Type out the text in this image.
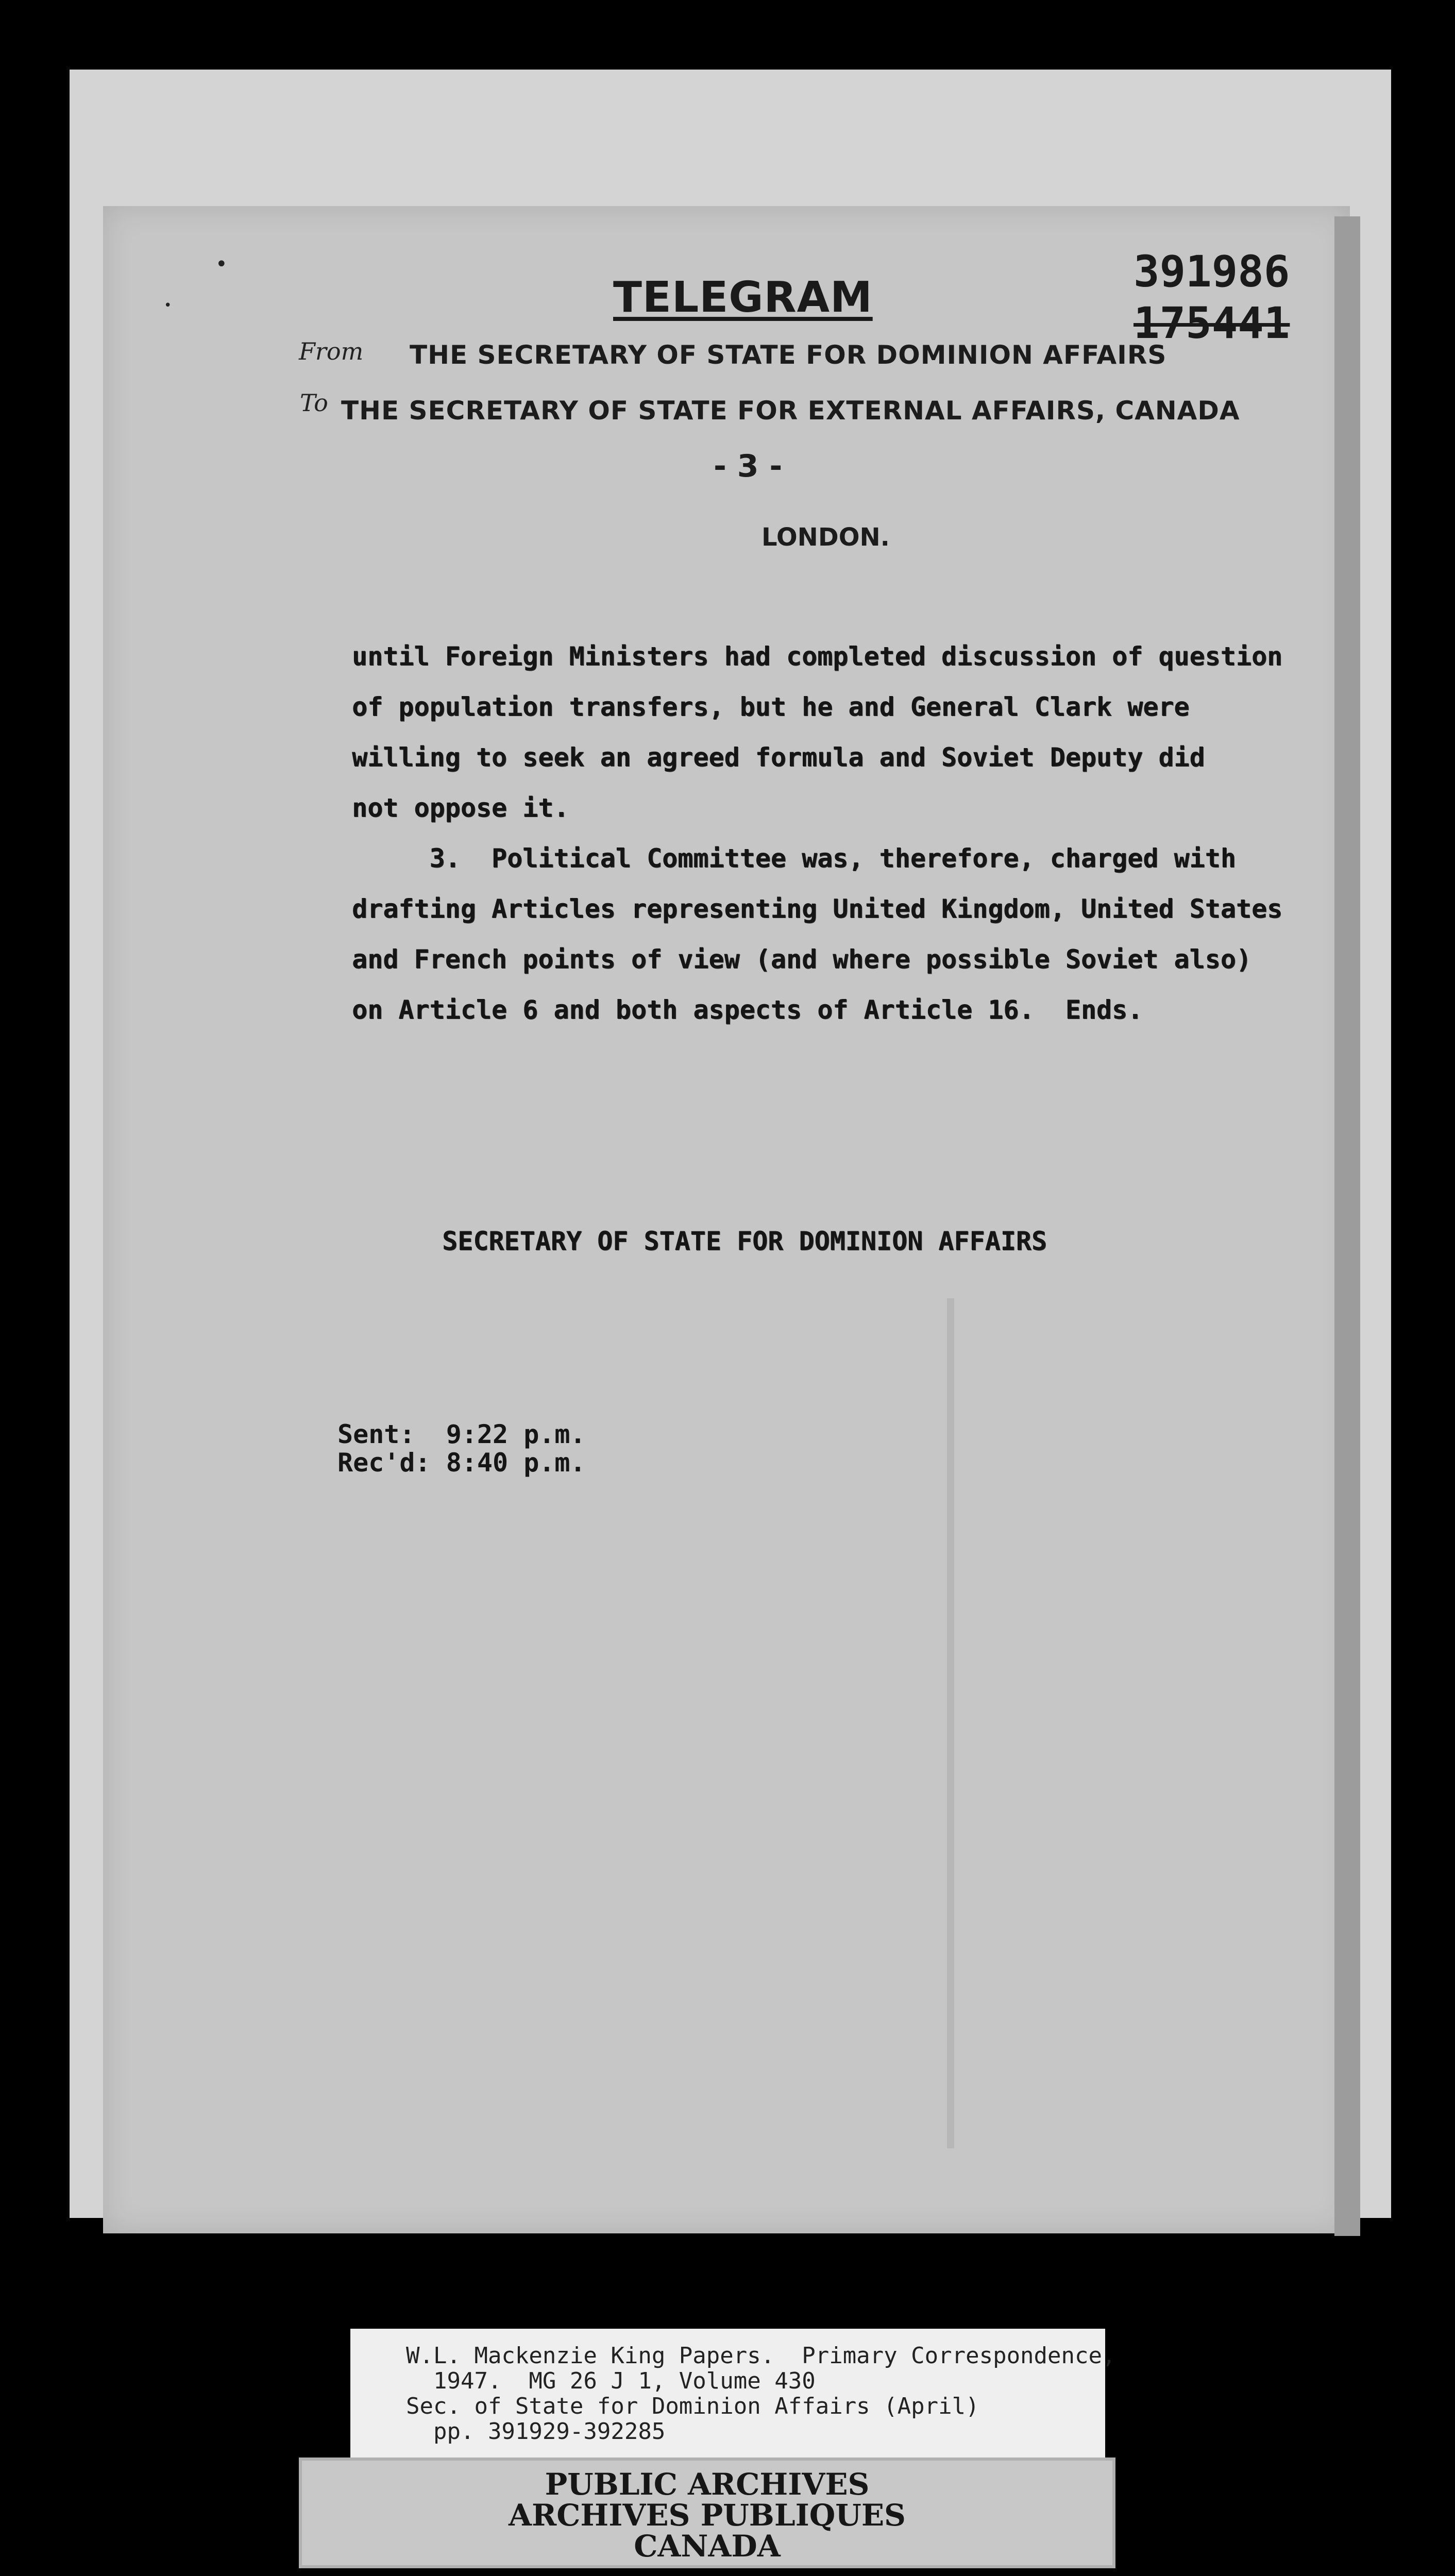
•
•	TELEGRAM
391986
175441
From THE SECRETARY OF STATE FOR DOMINION AFFAIRS
To THE SECRETARY OF STATE FOR EXTERNAL AFFAIRS, CANADA
- 3 -
LONDON.
until Foreign Ministers had completed discussion of question
of population transfers, but he and General Clark were
willing to seek an agreed formula and Soviet Deputy did
not oppose it.
3.  Political Committee was, therefore, charged with
drafting Articles representing United Kingdom, United States
and French points of view (and where possible Soviet also)
on Article 6 and both aspects of Article 16.  Ends.
SECRETARY OF STATE FOR DOMINION AFFAIRS
Sent:  9:22 p.m.
Rec'd: 8:40 p.m.
W.L. Mackenzie King Papers.  Primary Correspondence,
1947.  MG 26 J 1, Volume 430
Sec. of State for Dominion Affairs (April)
pp. 391929-392285
PUBLIC ARCHIVES
ARCHIVES PUBLIQUES
CANADA
